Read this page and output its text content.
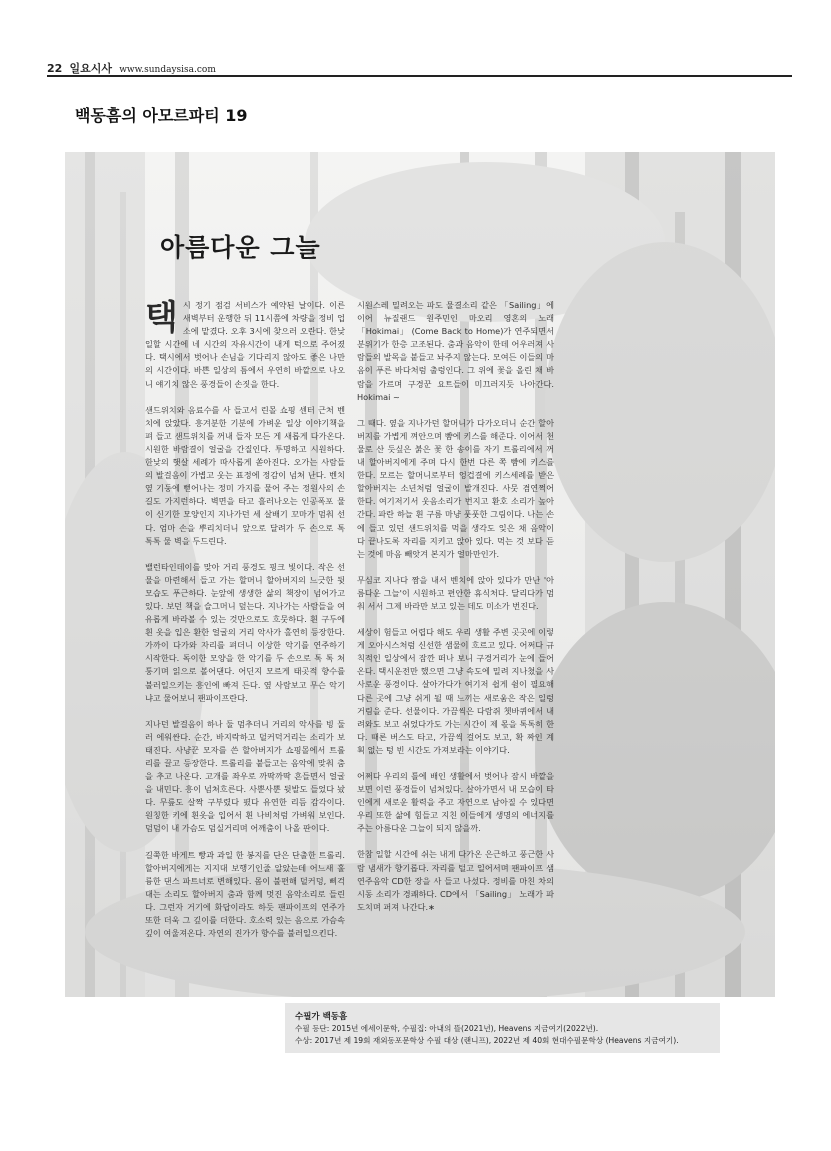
22 일요시사 www.sundaysisa.com
백동흠의 아모르파티 19
아름다운 그늘

택시 정기 점검 서비스가 예약된 날이다. 이른 새벽부터 운행한 뒤 11시쯤에 차량을 정비 업소에 맡겼다. 오후 3시에 찾으러 오란다. 한낮 일할 시간에 네 시간의 자유시간이 내게 턱으로 주어졌다. 택시에서 벗어나 손님을 기다리지 않아도 좋은 나만의 시간이다. 바쁜 일상의 틈에서 우연히 바깥으로 나오니 얘기치 않은 풍경들이 손짓을 한다.

샌드위치와 음료수를 사 들고서 린몰 쇼핑 센터 근처 벤치에 앉았다. 흥겨분한 기분에 가벼운 일상 이야기책을 펴 들고 샌드위치를 꺼내 들자 모든 게 새롭게 다가온다. 시원한 바람결이 얼굴을 간질인다. 투명하고 시원하다. 한낮의 햇살 세례가 따사롭게 쏟아진다. 오가는 사람들의 발걸음이 가볍고 웃는 표정에 정감이 넘쳐 난다. 벤치 옆 기둥에 뻗어나는 정미 가지를 뭍어 주는 정원사의 손길도 가지런하다. 벽면을 타고 흘러나오는 인공폭포 물이 신기한 모양인지 지나가던 세 살배기 꼬마가 멈춰 선다. 엄마 손을 뿌리치더니 앞으로 달려가 두 손으로 톡 톡톡 물 벽을 두드린다.

밸런타인데이를 맞아 거리 풍경도 핑크 빛이다. 작은 선물을 마련해서 들고 가는 할머니 할아버지의 느긋한 뒷모습도 푸근하다. 눈앞에 생생한 삶의 책장이 넘어가고 있다. 보던 책을 슬그머니 덮는다. 지나가는 사람들을 여유롭게 바라볼 수 있는 것만으로도 흐뭇하다. 흰 구두에 흰 옷을 입은 환한 얼굴의 거리 악사가 홀연히 등장한다. 가까이 다가와 자리를 펴더니 이상한 악기를 연주하기 시작한다. 독이한 모양을 한 악기를 두 손으로 톡 톡 쳐 퉁기며 읽으로 볼어댄다. 어딘지 모르게 태곳적 향수를 불러일으키는 흥인에 빠져 든다. 옆 사람보고 무슨 악기냐고 물어보니 팬파이프란다.

지나던 발걸음이 하나 둘 멈추더니 거리의 악사를 빙 둘러 에워싼다. 순간, 바지락하고 덜커덕거리는 소리가 보태진다. 사냥꾼 모자를 쓴 할아버지가 쇼핑몰에서 트롤리를 끌고 등장한다. 트롤리를 붙들고는 음악에 맞춰 춤을 추고 나온다. 고개를 좌우로 까딱까딱 흔들면서 얼굴을 내민다. 흥이 넘쳐흐른다. 사뿐사뿐 뒷발도 들었다 놨다. 무릎도 살짝 구부렸다 폈다 유연한 리듬 감각이다. 원칭한 키에 흰옷을 입어서 흰 나비처럼 가벼워 보인다. 덤덤이 내 가슴도 덤실거리며 어깨춤이 나올 판이다.

길쭉한 바게트 빵과 과일 한 봉지를 단은 단출한 트롤리. 할아버지에게는 지지대 보행기인줄 알았는데 어느새 훌륭한 댄스 파트너로 변해있다. 몸이 불편해 덜커덩, 삐걱대는 소리도 할아버지 춤과 함께 멋진 음악소리로 들린다. 그런자 거기에 화답이라도 하듯 팬파이프의 연주가 또한 더욱 그 깊이를 더한다. 호소력 있는 음으로 가슴속 깊이 여울져온다. 자연의 진가가 향수를 불러일으킨다.

시원스레 밀려오는 파도 물결소리 같은 「Sailing」에 이어 뉴질랜드 원주민인 마오리 영혼의 노래 「Hokimai」 (Come Back to Home)가 연주되면서 분위기가 한층 고조된다. 춤과 음악이 한데 어우러져 사람들의 발목을 붙들고 놔주지 않는다. 모여든 이들의 마음이 푸른 바다처럼 출렁인다. 그 위에 꽃을 올린 채 바람을 가르며 구경꾼 요트들이 미끄러지듯 나아간다. Hokimai ~

그 때다. 옆을 지나가던 할머니가 다가오더니 순간 할아버지를 가볍게 껴안으며 뺨에 키스를 해준다. 이어서 천물로 산 듯싶은 붉은 꽃 한 송이를 자기 트롤리에서 꺼내 할아버지에게 주며 다시 한번 다른 쪽 뺨에 키스를 한다. 모르는 할머니로부터 엉겁결에 키스세례를 받은 할아버지는 소년처럼 얼굴이 발개진다. 사뭇 겸연쩍어 한다. 여기저기서 웃음소리가 번지고 환호 소리가 높아간다. 파란 하늘 흰 구름 마냥 풋풋한 그림이다. 나는 손에 들고 있던 샌드위치를 먹을 생각도 잊은 채 음악이 다 끝나도록 자리를 지키고 앉아 있다. 먹는 것 보다 듣는 것에 마음 빼앗겨 본지가 얼마만인가.

무심코 지나다 짬을 내서 벤치에 앉아 있다가 만난 '아름다운 그늘'이 시원하고 편안한 휴식처다. 달리다가 멈춰 서서 그제 바라만 보고 있는 데도 미소가 번진다.

세상이 험들고 어렵다 해도 우리 생활 주변 곳곳에 이렇게 오아시스처럼 신선한 샘물이 흐르고 있다. 어쩌다 규칙적인 일상에서 잠깐 떠나 보니 구경거리가 눈에 들어온다. 택시운전만 했으면 그냥 속도에 밀려 지나쳤을 사사로운 풍경이다. 살아가다가 여기저 쉽게 쉼이 필요해 다른 곳에 그냥 쉬게 될 때 느끼는 새로움은 작은 일렁거림을 준다. 선물이다. 가끔씩은 다람쥐 쳇바퀴에서 내려와도 보고 쉬었다가도 가는 시간이 제 몫을 톡톡히 한다. 때론 버스도 타고, 가끔씩 걸어도 보고, 확 짜인 계획 없는 텅 빈 시간도 가져보라는 이야기다.

어쩌다 우리의 틀에 배인 생활에서 벗어나 잠시 바깥을 보면 이런 풍경들이 넘쳐있다. 살아가면서 내 모습이 타인에게 새로운 활력을 주고 자연으로 남아질 수 있다면 우리 또한 삶에 힘들고 지친 이들에게 생명의 에너지를 주는 아름다운 그늘이 되지 않을까.

한참 일할 시간에 쉬는 내게 다가온 은근하고 풍근한 사람 냄새가 향기롭다. 자리를 털고 일어서며 팬파이프 샘 연주음악 CD한 장을 사 들고 나섰다. 정비를 마친 차의 시동 소리가 경쾌하다. CD에서 「Sailing」 노래가 파도치며 퍼져 나간다.∗

수필가 백동흠
수필 등단: 2015년 에세이문학, 수필집: 아내의 뜰(2021년), Heavens 지금여기(2022년).
수상: 2017년 제 19회 재외동포문학상 수필 대상 (랜니프), 2022년 제 40회 현대수필문학상 (Heavens 지금여기).
